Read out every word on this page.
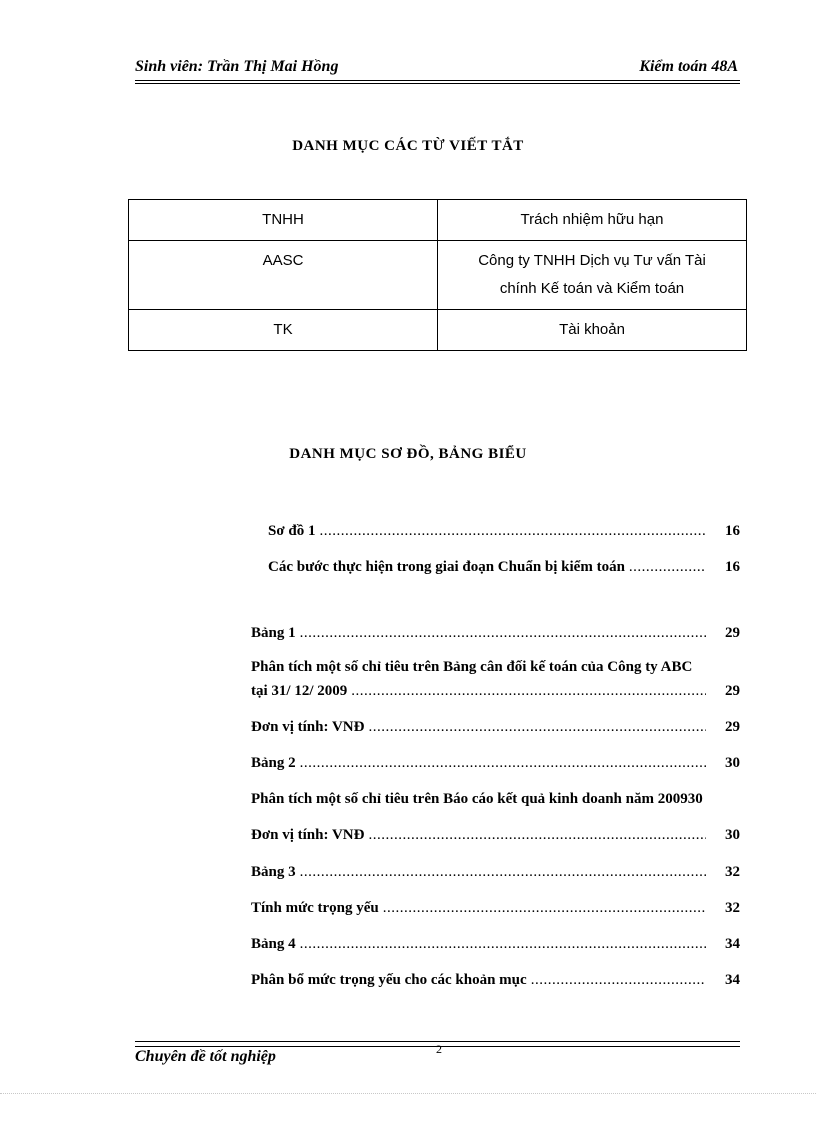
Sinh viên: Trần Thị Mai Hồng	Kiểm toán 48A
DANH MỤC CÁC TỪ VIẾT TẮT
TNHH	Trách nhiệm hữu hạn
AASC	Công ty TNHH Dịch vụ Tư vấn Tài
chính Kế toán và Kiểm toán

TK	Tài khoản
DANH MỤC SƠ ĐỒ, BẢNG BIỂU
Sơ đồ 1 .....	16
Các bước thực hiện trong giai đoạn Chuẩn bị kiểm toán .....	16
Bảng 1 .....	29
Phân tích một số chỉ tiêu trên Bảng cân đối kế toán của Công ty ABC
tại 31/ 12/ 2009 .....	29
Đơn vị tính: VNĐ .....	29
Bảng 2 .....	30
Phân tích một số chỉ tiêu trên Báo cáo kết quả kinh doanh năm 2009 30
Đơn vị tính: VNĐ .....	30
Bảng 3 .....	32
Tính mức trọng yếu .....	32
Bảng 4 .....	34
Phân bổ mức trọng yếu cho các khoản mục .....	34
2
Chuyên đề tốt nghiệp
